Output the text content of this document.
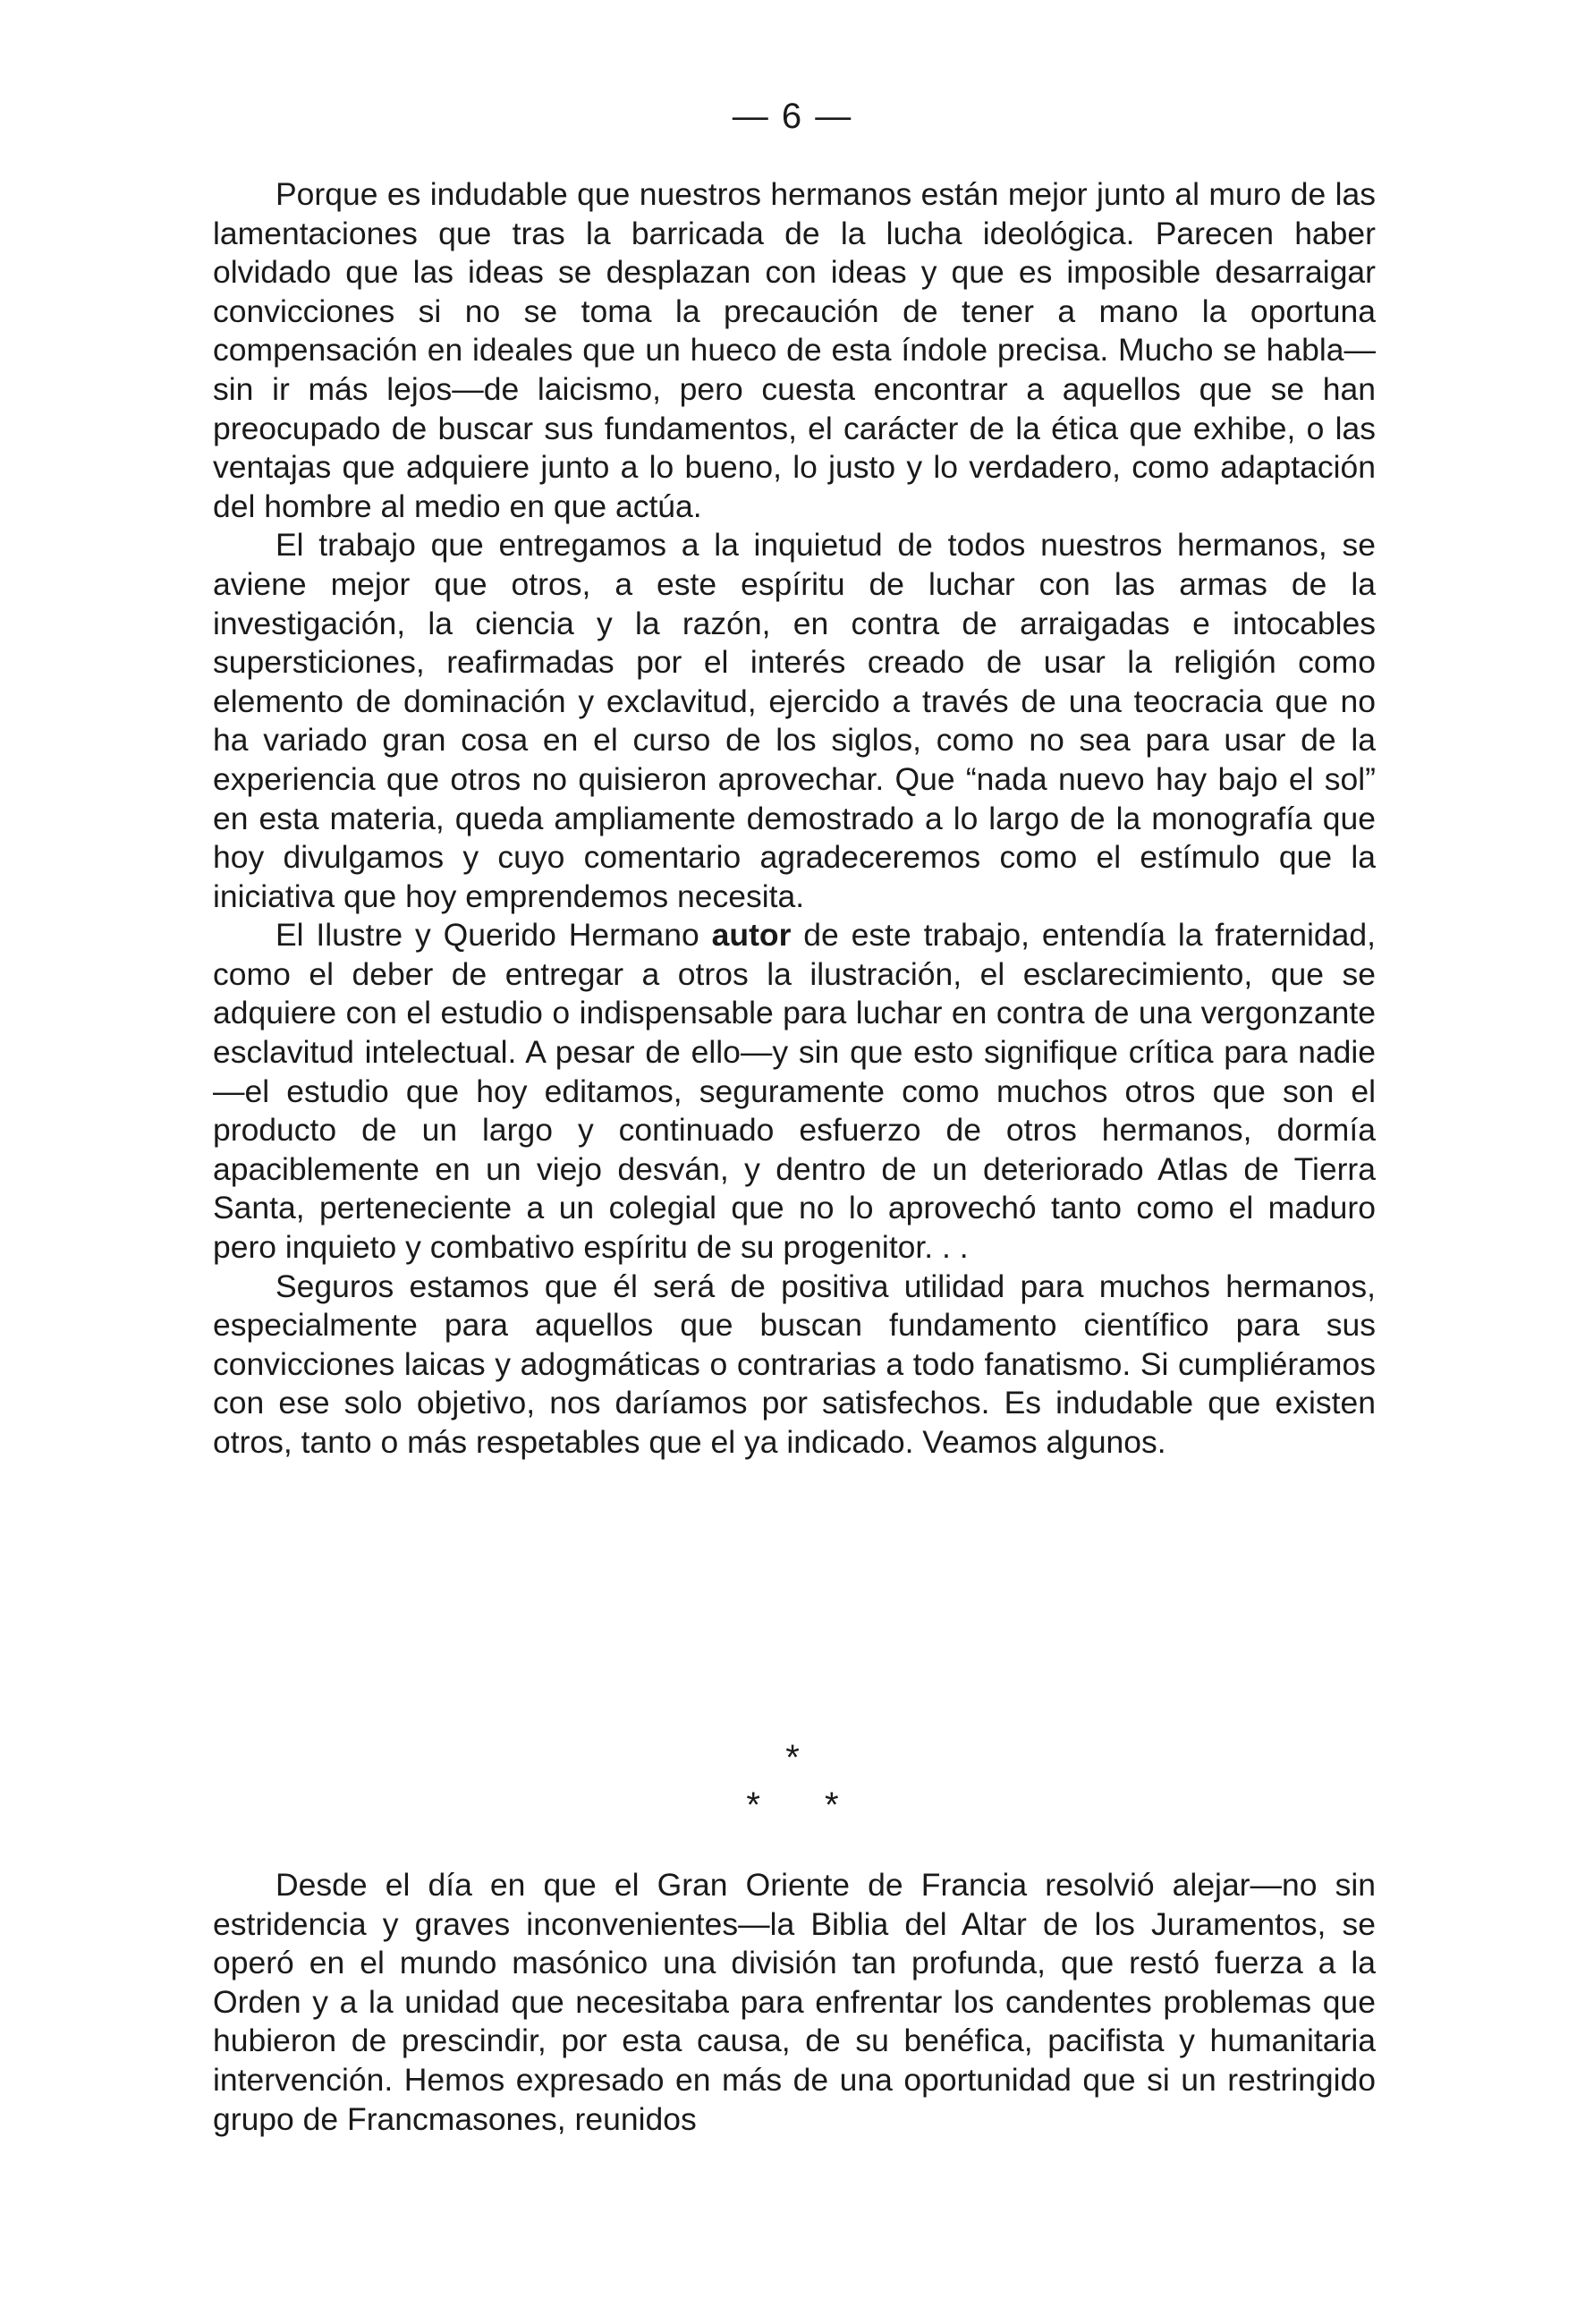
— 6 —

Porque es indudable que nuestros hermanos están mejor junto al muro de las lamentaciones que tras la barricada de la lucha ideológica. Parecen haber olvidado que las ideas se desplazan con ideas y que es imposible desarraigar convicciones si no se toma la precaución de tener a mano la oportuna compensación en ideales que un hueco de esta índole precisa. Mucho se habla—sin ir más lejos—de laicismo, pero cuesta encontrar a aquellos que se han preocupado de buscar sus fundamentos, el carácter de la ética que exhibe, o las ventajas que adquiere junto a lo bueno, lo justo y lo verdadero, como adaptación del hombre al medio en que actúa.

El trabajo que entregamos a la inquietud de todos nuestros hermanos, se aviene mejor que otros, a este espíritu de luchar con las armas de la investigación, la ciencia y la razón, en contra de arraigadas e intocables supersticiones, reafirmadas por el interés creado de usar la religión como elemento de dominación y exclavitud, ejercido a través de una teocracia que no ha variado gran cosa en el curso de los siglos, como no sea para usar de la experiencia que otros no quisieron aprovechar. Que “nada nuevo hay bajo el sol” en esta materia, queda ampliamente demostrado a lo largo de la monografía que hoy divulgamos y cuyo comentario agradeceremos como el estímulo que la iniciativa que hoy emprendemos necesita.

El Ilustre y Querido Hermano autor de este trabajo, entendía la fraternidad, como el deber de entregar a otros la ilustración, el esclarecimiento, que se adquiere con el estudio o indispensable para luchar en contra de una vergonzante esclavitud intelectual. A pesar de ello—y sin que esto signifique crítica para nadie—el estudio que hoy editamos, seguramente como muchos otros que son el producto de un largo y continuado esfuerzo de otros hermanos, dormía apaciblemente en un viejo desván, y dentro de un deteriorado Atlas de Tierra Santa, perteneciente a un colegial que no lo aprovechó tanto como el maduro pero inquieto y combativo espíritu de su progenitor. . .

Seguros estamos que él será de positiva utilidad para muchos hermanos, especialmente para aquellos que buscan fundamento científico para sus convicciones laicas y adogmáticas o contrarias a todo fanatismo. Si cumpliéramos con ese solo objetivo, nos daríamos por satisfechos. Es indudable que existen otros, tanto o más respetables que el ya indicado. Veamos algunos.

*
* *

Desde el día en que el Gran Oriente de Francia resolvió alejar—no sin estridencia y graves inconvenientes—la Biblia del Altar de los Juramentos, se operó en el mundo masónico una división tan profunda, que restó fuerza a la Orden y a la unidad que necesitaba para enfrentar los candentes problemas que hubieron de prescindir, por esta causa, de su benéfica, pacifista y humanitaria intervención. Hemos expresado en más de una oportunidad que si un restringido grupo de Francmasones, reunidos
